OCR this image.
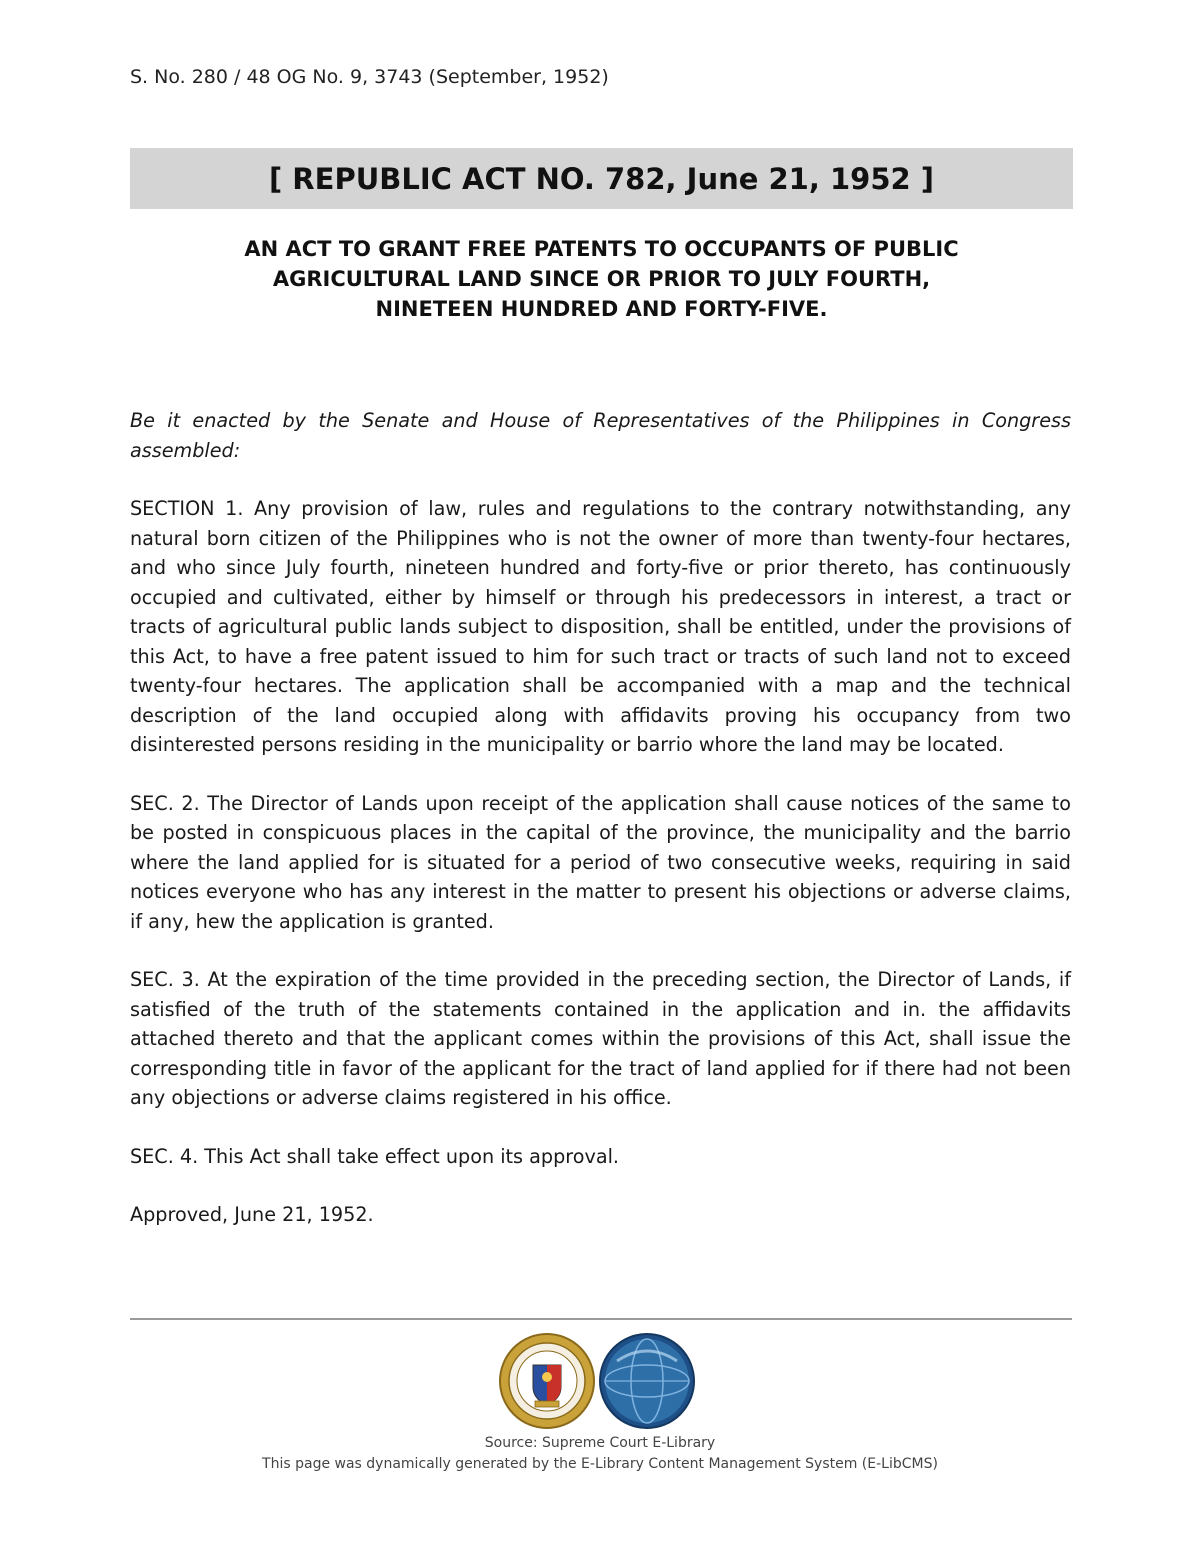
S. No. 280 / 48 OG No. 9, 3743 (September, 1952)
[ REPUBLIC ACT NO. 782, June 21, 1952 ]
AN ACT TO GRANT FREE PATENTS TO OCCUPANTS OF PUBLIC
AGRICULTURAL LAND SINCE OR PRIOR TO JULY FOURTH,
NINETEEN HUNDRED AND FORTY-FIVE.

Be it enacted by the Senate and House of Representatives of the Philippines in Congress assembled:

SECTION 1. Any provision of law, rules and regulations to the contrary notwithstanding, any natural born citizen of the Philippines who is not the owner of more than twenty-four hectares, and who since July fourth, nineteen hundred and forty-five or prior thereto, has continuously occupied and cultivated, either by himself or through his predecessors in interest, a tract or tracts of agricultural public lands subject to disposition, shall be entitled, under the provisions of this Act, to have a free patent issued to him for such tract or tracts of such land not to exceed twenty-four hectares. The application shall be accompanied with a map and the technical description of the land occupied along with affidavits proving his occupancy from two disinterested persons residing in the municipality or barrio whore the land may be located.

SEC. 2. The Director of Lands upon receipt of the application shall cause notices of the same to be posted in conspicuous places in the capital of the province, the municipality and the barrio where the land applied for is situated for a period of two consecutive weeks, requiring in said notices everyone who has any interest in the matter to present his objections or adverse claims, if any, hew the application is granted.

SEC. 3. At the expiration of the time provided in the preceding section, the Director of Lands, if satisfied of the truth of the statements contained in the application and in. the affidavits attached thereto and that the applicant comes within the provisions of this Act, shall issue the corresponding title in favor of the applicant for the tract of land applied for if there had not been any objections or adverse claims registered in his office.

SEC. 4. This Act shall take effect upon its approval.

Approved, June 21, 1952.

Source: Supreme Court E-Library
This page was dynamically generated by the E-Library Content Management System (E-LibCMS)
